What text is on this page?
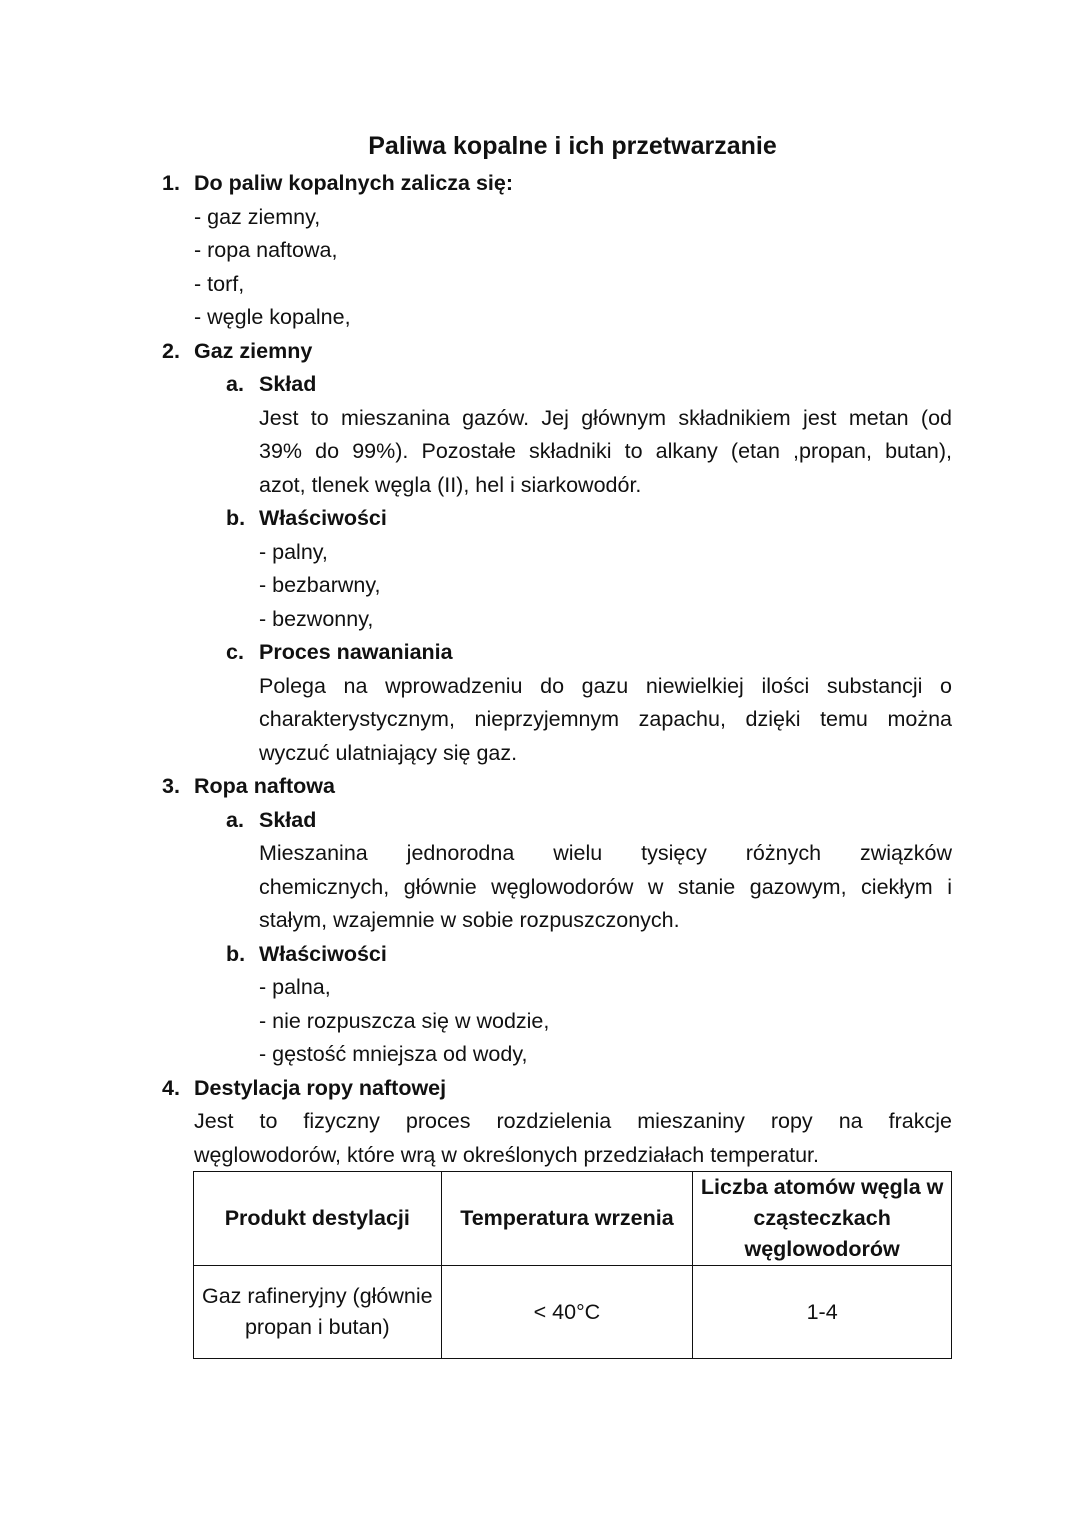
Paliwa kopalne i ich przetwarzanie
1. Do paliw kopalnych zalicza się:
- gaz ziemny,
- ropa naftowa,
- torf,
- węgle kopalne,
2. Gaz ziemny
a. Skład
Jest to mieszanina gazów. Jej głównym składnikiem jest metan (od
39% do 99%). Pozostałe składniki to alkany (etan ,propan, butan),
azot, tlenek węgla (II), hel i siarkowodór.
b. Właściwości
- palny,
- bezbarwny,
- bezwonny,
c. Proces nawaniania
Polega na wprowadzeniu do gazu niewielkiej ilości substancji o
charakterystycznym, nieprzyjemnym zapachu, dzięki temu można
wyczuć ulatniający się gaz.
3. Ropa naftowa
a. Skład
Mieszanina jednorodna wielu tysięcy różnych związków
chemicznych, głównie węglowodorów w stanie gazowym, ciekłym i
stałym, wzajemnie w sobie rozpuszczonych.
b. Właściwości
- palna,
- nie rozpuszcza się w wodzie,
- gęstość mniejsza od wody,
4. Destylacja ropy naftowej
Jest to fizyczny proces rozdzielenia mieszaniny ropy na frakcje
węglowodorów, które wrą w określonych przedziałach temperatur.
Produkt destylacji	Temperatura wrzenia	Liczba atomów węgla w cząsteczkach węglowodorów
Gaz rafineryjny (głównie propan i butan)	< 40°C	1-4
